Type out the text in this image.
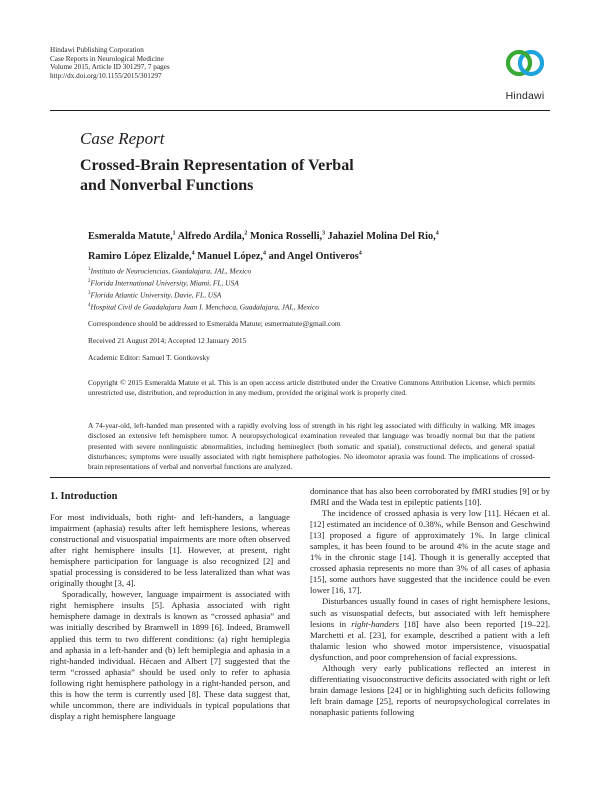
Hindawi Publishing Corporation
Case Reports in Neurological Medicine
Volume 2015, Article ID 301297, 7 pages
http://dx.doi.org/10.1155/2015/301297
Hindawi
Case Report
Crossed-Brain Representation of Verbal
and Nonverbal Functions
Esmeralda Matute,$^1$ Alfredo Ardila,$^2$ Monica Rosselli,$^3$ Jahaziel Molina Del Rio,$^4$
Ramiro López Elizalde,$^4$ Manuel López,$^4$ and Angel Ontiveros$^4$
$^1$Instituto de Neurociencias, Guadalajara, JAL, Mexico
$^2$Florida International University, Miami, FL, USA
$^3$Florida Atlantic University, Davie, FL, USA
$^4$Hospital Civil de Guadalajara Juan I. Menchaca, Guadalajara, JAL, Mexico
Correspondence should be addressed to Esmeralda Matute; esmermatute@gmail.com
Received 21 August 2014; Accepted 12 January 2015
Academic Editor: Samuel T. Gontkovsky
Copyright © 2015 Esmeralda Matute et al. This is an open access article distributed under the Creative Commons Attribution License, which permits unrestricted use, distribution, and reproduction in any medium, provided the original work is properly cited.
A 74-year-old, left-handed man presented with a rapidly evolving loss of strength in his right leg associated with difficulty in walking. MR images disclosed an extensive left hemisphere tumor. A neuropsychological examination revealed that language was broadly normal but that the patient presented with severe nonlinguistic abnormalities, including hemineglect (both somatic and spatial), constructional defects, and general spatial disturbances; symptoms were usually associated with right hemisphere pathologies. No ideomotor apraxia was found. The implications of crossed-brain representations of verbal and nonverbal functions are analyzed.
1. Introduction

For most individuals, both right- and left-handers, a language impairment (aphasia) results after left hemisphere lesions, whereas constructional and visuospatial impairments are more often observed after right hemisphere insults [1]. However, at present, right hemisphere participation for language is also recognized [2] and spatial processing is considered to be less lateralized than what was originally thought [3, 4].

Sporadically, however, language impairment is associated with right hemisphere insults [5]. Aphasia associated with right hemisphere damage in dextrals is known as “crossed aphasia” and was initially described by Bramwell in 1899 [6]. Indeed, Bramwell applied this term to two different conditions: (a) right hemiplegia and aphasia in a left-hander and (b) left hemiplegia and aphasia in a right-handed individual. Hécaen and Albert [7] suggested that the term “crossed aphasia” should be used only to refer to aphasia following right hemisphere pathology in a right-handed person, and this is how the term is currently used [8]. These data suggest that, while uncommon, there are individuals in typical populations that display a right hemisphere language

dominance that has also been corroborated by fMRI studies [9] or by fMRI and the Wada test in epileptic patients [10].

The incidence of crossed aphasia is very low [11]. Hécaen et al. [12] estimated an incidence of 0.38%, while Benson and Geschwind [13] proposed a figure of approximately 1%. In large clinical samples, it has been found to be around 4% in the acute stage and 1% in the chronic stage [14]. Though it is generally accepted that crossed aphasia represents no more than 3% of all cases of aphasia [15], some authors have suggested that the incidence could be even lower [16, 17].

Disturbances usually found in cases of right hemisphere lesions, such as visuospatial defects, but associated with left hemisphere lesions in right-handers [18] have also been reported [19–22]. Marchetti et al. [23], for example, described a patient with a left thalamic lesion who showed motor impersistence, visuospatial dysfunction, and poor comprehension of facial expressions.

Although very early publications reflected an interest in differentiating visuoconstructive deficits associated with right or left brain damage lesions [24] or in highlighting such deficits following left brain damage [25], reports of neuropsychological correlates in nonaphasic patients following
